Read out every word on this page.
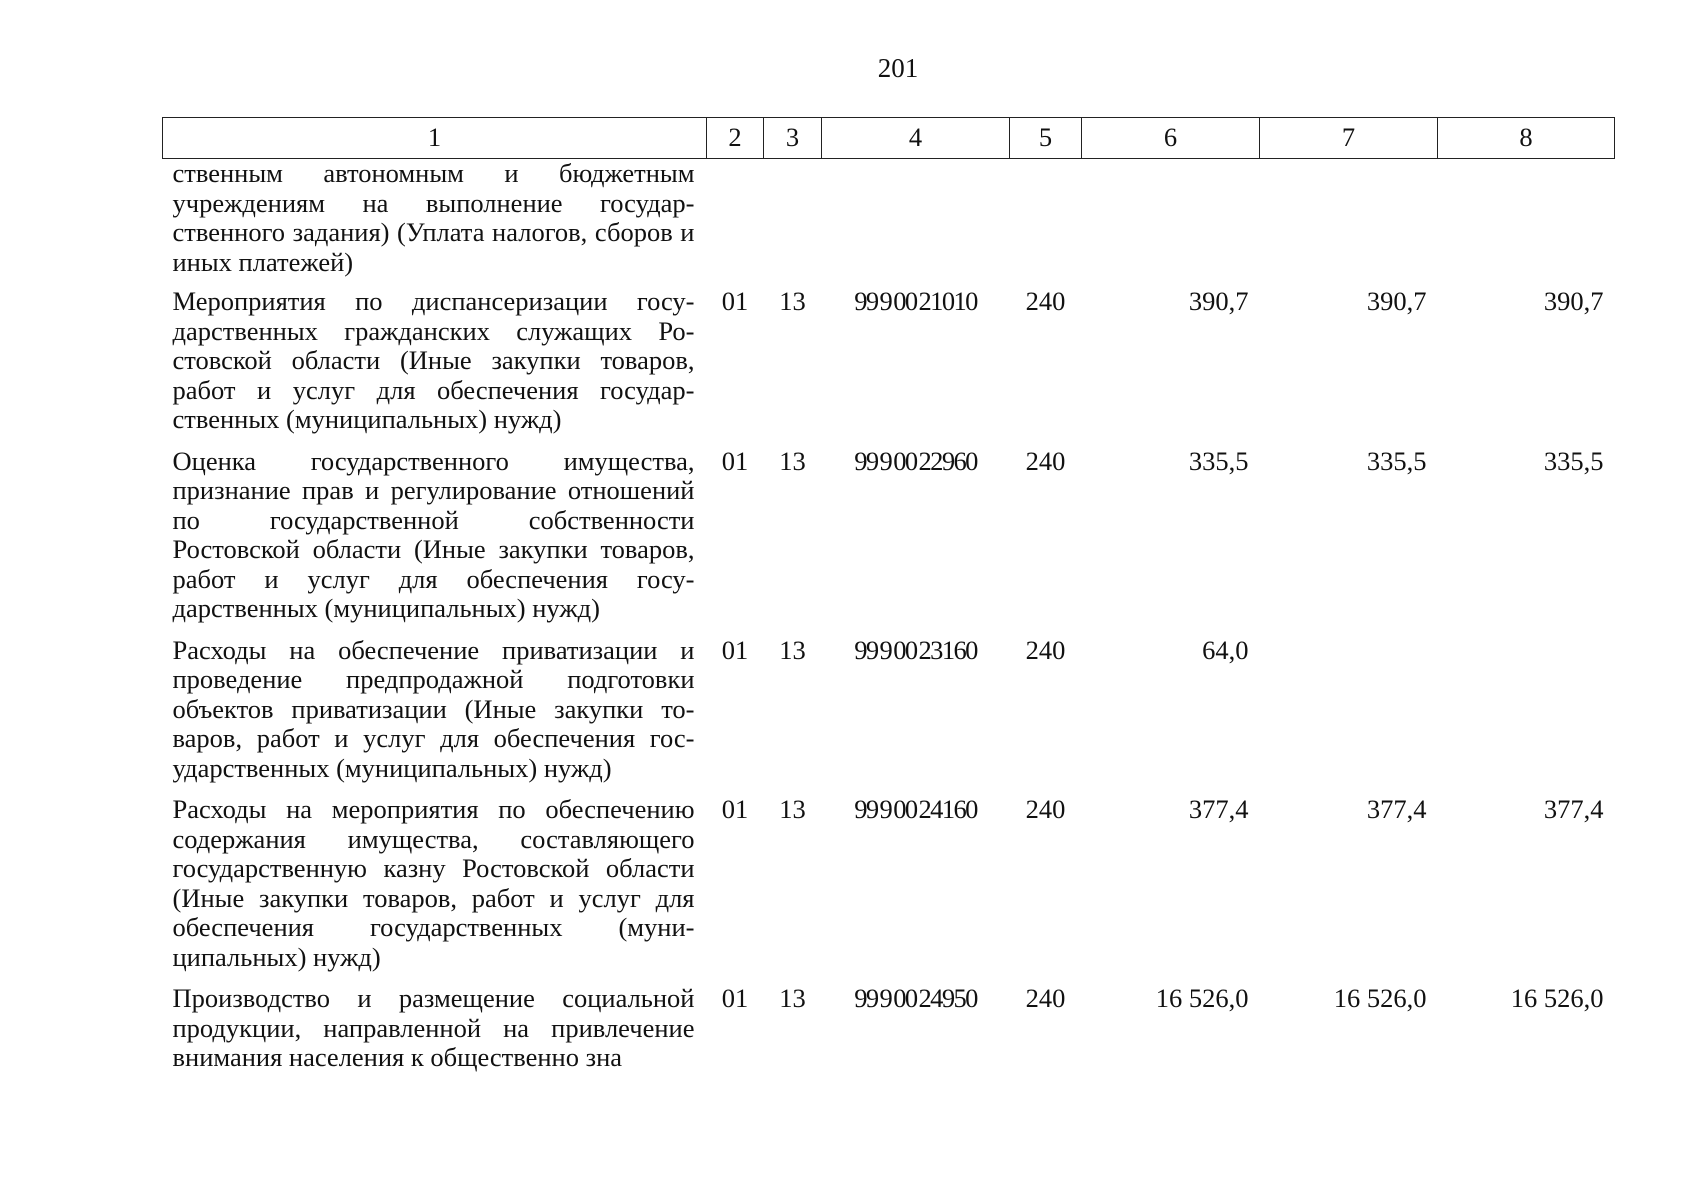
201
1	2	3	4	5	6	7	8

ственным автономным и бюджетным учреждениям на выполнение государственного задания) (Уплата налогов, сборов и иных платежей)							

Мероприятия по диспансеризации государственных гражданских служащих Ростовской области (Иные закупки товаров, работ и услуг для обеспечения государственных (муниципальных) нужд)	01	13	99 9 00 21010	240	390,7	390,7	390,7

Оценка государственного имущества, признание прав и регулирование отношений по государственной собственности Ростовской области (Иные закупки товаров, работ и услуг для обеспечения государственных (муниципальных) нужд)	01	13	99 9 00 22960	240	335,5	335,5	335,5

Расходы на обеспечение приватизации и проведение предпродажной подготовки объектов приватизации (Иные закупки товаров, работ и услуг для обеспечения государственных (муниципальных) нужд)	01	13	99 9 00 23160	240	64,0		

Расходы на мероприятия по обеспечению содержания имущества, составляющего государственную казну Ростовской области (Иные закупки товаров, работ и услуг для обеспечения государственных (муниципальных) нужд)	01	13	99 9 00 24160	240	377,4	377,4	377,4

Производство и размещение социальной продукции, направленной на привлечение внимания населения к общественно зна	01	13	99 9 00 24950	240	16 526,0	16 526,0	16 526,0
